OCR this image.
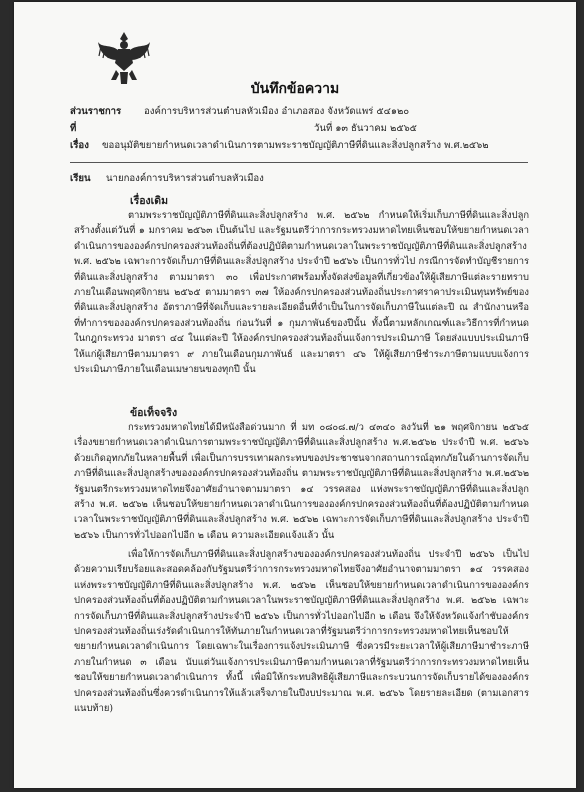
บันทึกข้อความ
ส่วนราชการ องค์การบริหารส่วนตำบลหัวเมือง อำเภอสอง จังหวัดแพร่ ๕๔๑๒๐
ที่	วันที่ ๑๓ ธันวาคม ๒๕๖๕
เรื่อง ขออนุมัติขยายกำหนดเวลาดำเนินการตามพระราชบัญญัติภาษีที่ดินและสิ่งปลูกสร้าง พ.ศ.๒๕๖๒
เรียน นายกองค์การบริหารส่วนตำบลหัวเมือง
เรื่องเดิม

ตามพระราชบัญญัติภาษีที่ดินและสิ่งปลูกสร้าง พ.ศ. ๒๕๖๒ กำหนดให้เริ่มเก็บภาษีที่ดินและสิ่งปลูกสร้างตั้งแต่วันที่ ๑ มกราคม ๒๕๖๓ เป็นต้นไป และรัฐมนตรีว่าการกระทรวงมหาดไทยเห็นชอบให้ขยายกำหนดเวลาดำเนินการขององค์กรปกครองส่วนท้องถิ่นที่ต้องปฏิบัติตามกำหนดเวลาในพระราชบัญญัติภาษีที่ดินและสิ่งปลูกสร้าง พ.ศ. ๒๕๖๒ เฉพาะการจัดเก็บภาษีที่ดินและสิ่งปลูกสร้าง ประจำปี ๒๕๖๖ เป็นการทั่วไป กรณีการจัดทำบัญชีรายการที่ดินและสิ่งปลูกสร้าง ตามมาตรา ๓๐ เพื่อประกาศพร้อมทั้งจัดส่งข้อมูลที่เกี่ยวข้องให้ผู้เสียภาษีแต่ละรายทราบภายในเดือนพฤศจิกายน ๒๕๖๕ ตามมาตรา ๓๗ ให้องค์กรปกครองส่วนท้องถิ่นประกาศราคาประเมินทุนทรัพย์ของที่ดินและสิ่งปลูกสร้าง อัตราภาษีที่จัดเก็บและรายละเอียดอื่นที่จำเป็นในการจัดเก็บภาษีในแต่ละปี ณ สำนักงานหรือที่ทำการขององค์กรปกครองส่วนท้องถิ่น ก่อนวันที่ ๑ กุมภาพันธ์ของปีนั้น ทั้งนี้ตามหลักเกณฑ์และวิธีการที่กำหนดในกฎกระทรวง มาตรา ๔๔ ในแต่ละปี ให้องค์กรปกครองส่วนท้องถิ่นแจ้งการประเมินภาษี โดยส่งแบบประเมินภาษีให้แก่ผู้เสียภาษีตามมาตรา ๙ ภายในเดือนกุมภาพันธ์ และมาตรา ๔๖ ให้ผู้เสียภาษีชำระภาษีตามแบบแจ้งการประเมินภาษีภายในเดือนเมษายนของทุกปี นั้น

ข้อเท็จจริง

กระทรวงมหาดไทยได้มีหนังสือด่วนมาก ที่ มท ๐๘๐๘.๗/ว ๔๓๔๐ ลงวันที่ ๒๑ พฤศจิกายน ๒๕๖๕ เรื่องขยายกำหนดเวลาดำเนินการตามพระราชบัญญัติภาษีที่ดินและสิ่งปลูกสร้าง พ.ศ.๒๕๖๒ ประจำปี พ.ศ. ๒๕๖๖ ด้วยเกิดอุทกภัยในหลายพื้นที่ เพื่อเป็นการบรรเทาผลกระทบของประชาชนจากสถานการณ์อุทกภัยในด้านการจัดเก็บภาษีที่ดินและสิ่งปลูกสร้างขององค์กรปกครองส่วนท้องถิ่น ตามพระราชบัญญัติภาษีที่ดินและสิ่งปลูกสร้าง พ.ศ.๒๕๖๒ รัฐมนตรีกระทรวงมหาดไทยจึงอาศัยอำนาจตามมาตรา ๑๔ วรรคสอง แห่งพระราชบัญญัติภาษีที่ดินและสิ่งปลูกสร้าง พ.ศ. ๒๕๖๒ เห็นชอบให้ขยายกำหนดเวลาดำเนินการขององค์กรปกครองส่วนท้องถิ่นที่ต้องปฏิบัติตามกำหนดเวลาในพระราชบัญญัติภาษีที่ดินและสิ่งปลูกสร้าง พ.ศ. ๒๕๖๒ เฉพาะการจัดเก็บภาษีที่ดินและสิ่งปลูกสร้าง ประจำปี ๒๕๖๖ เป็นการทั่วไปออกไปอีก ๒ เดือน ความละเอียดแจ้งแล้ว นั้น

เพื่อให้การจัดเก็บภาษีที่ดินและสิ่งปลูกสร้างขององค์กรปกครองส่วนท้องถิ่น ประจำปี ๒๕๖๖ เป็นไปด้วยความเรียบร้อยและสอดคล้องกับรัฐมนตรีว่าการกระทรวงมหาดไทยจึงอาศัยอำนาจตามมาตรา ๑๔ วรรคสอง แห่งพระราชบัญญัติภาษีที่ดินและสิ่งปลูกสร้าง พ.ศ. ๒๕๖๒ เห็นชอบให้ขยายกำหนดเวลาดำเนินการขององค์กรปกครองส่วนท้องถิ่นที่ต้องปฏิบัติตามกำหนดเวลาในพระราชบัญญัติภาษีที่ดินและสิ่งปลูกสร้าง พ.ศ. ๒๕๖๒ เฉพาะการจัดเก็บภาษีที่ดินและสิ่งปลูกสร้างประจำปี ๒๕๖๖ เป็นการทั่วไปออกไปอีก ๒ เดือน จึงให้จังหวัดแจ้งกำชับองค์กรปกครองส่วนท้องถิ่นเร่งรัดดำเนินการให้ทันภายในกำหนดเวลาที่รัฐมนตรีว่าการกระทรวงมหาดไทยเห็นชอบให้ขยายกำหนดเวลาดำเนินการ โดยเฉพาะในเรื่องการแจ้งประเมินภาษี ซึ่งควรมีระยะเวลาให้ผู้เสียภาษีมาชำระภาษีภายในกำหนด ๓ เดือน นับแต่วันแจ้งการประเมินภาษีตามกำหนดเวลาที่รัฐมนตรีว่าการกระทรวงมหาดไทยเห็นชอบให้ขยายกำหนดเวลาดำเนินการ ทั้งนี้ เพื่อมิให้กระทบสิทธิผู้เสียภาษีและกระบวนการจัดเก็บรายได้ขององค์กรปกครองส่วนท้องถิ่นซึ่งควรดำเนินการให้แล้วเสร็จภายในปีงบประมาณ พ.ศ. ๒๕๖๖ โดยรายละเอียด (ตามเอกสารแนบท้าย)
